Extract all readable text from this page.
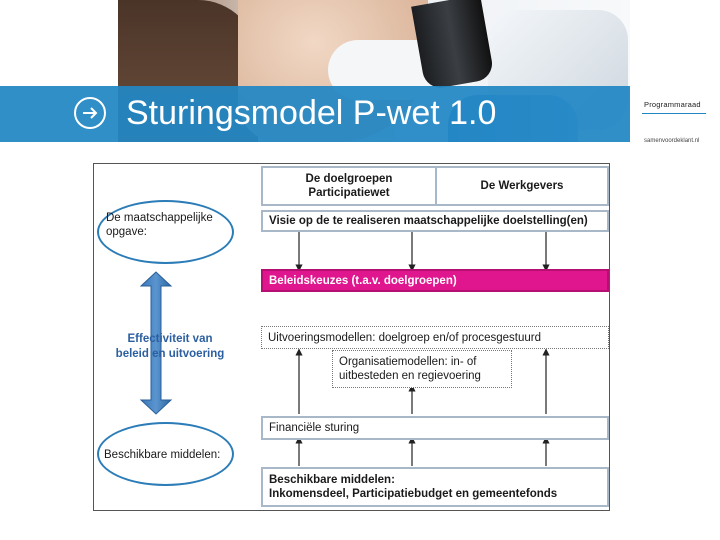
Sturingsmodel P-wet 1.0	Programmaraad
samenvoordeklant.nl
De maatschappelijke
opgave:
Effectiviteit van
beleid en uitvoering
Beschikbare middelen:
De doelgroepen
Participatiewet
De Werkgevers
Visie op de te realiseren maatschappelijke doelstelling(en)
Beleidskeuzes (t.a.v. doelgroepen)
Uitvoeringsmodellen: doelgroep en/of procesgestuurd
Organisatiemodellen: in- of
uitbesteden en regievoering
Financiële sturing
Beschikbare middelen:
Inkomensdeel, Participatiebudget en gemeentefonds
